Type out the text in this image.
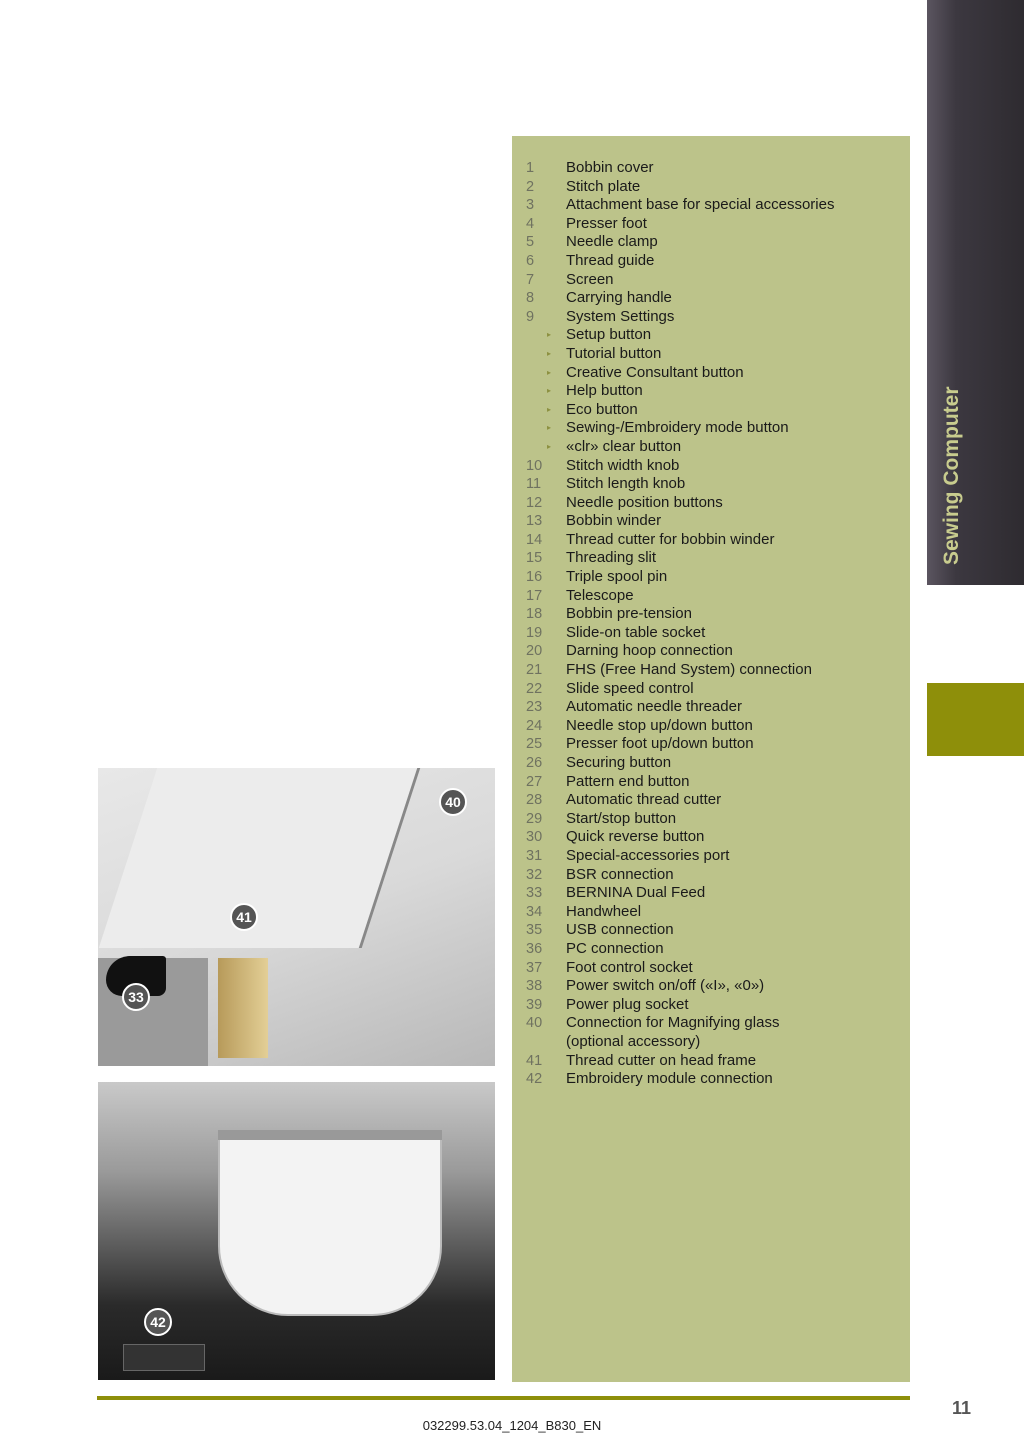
40
41
33
42
1	Bobbin cover
2	Stitch plate
3	Attachment base for special accessories
4	Presser foot
5	Needle clamp
6	Thread guide
7	Screen
8	Carrying handle
9	System Settings
▸ Setup button
▸ Tutorial button
▸ Creative Consultant button
▸ Help button
▸ Eco button
▸ Sewing-/Embroidery mode button
▸ «clr» clear button
10	Stitch width knob
11	Stitch length knob
12	Needle position buttons
13	Bobbin winder
14	Thread cutter for bobbin winder
15	Threading slit
16	Triple spool pin
17	Telescope
18	Bobbin pre-tension
19	Slide-on table socket
20	Darning hoop connection
21	FHS (Free Hand System) connection
22	Slide speed control
23	Automatic needle threader
24	Needle stop up/down button
25	Presser foot up/down button
26	Securing button
27	Pattern end button
28	Automatic thread cutter
29	Start/stop button
30	Quick reverse button
31	Special-accessories port
32	BSR connection
33	BERNINA Dual Feed
34	Handwheel
35	USB connection
36	PC connection
37	Foot control socket
38	Power switch on/off («I», «0»)
39	Power plug socket
40	Connection for Magnifying glass
(optional accessory)
41	Thread cutter on head frame
42	Embroidery module connection
Sewing Computer
11
032299.53.04_1204_B830_EN
